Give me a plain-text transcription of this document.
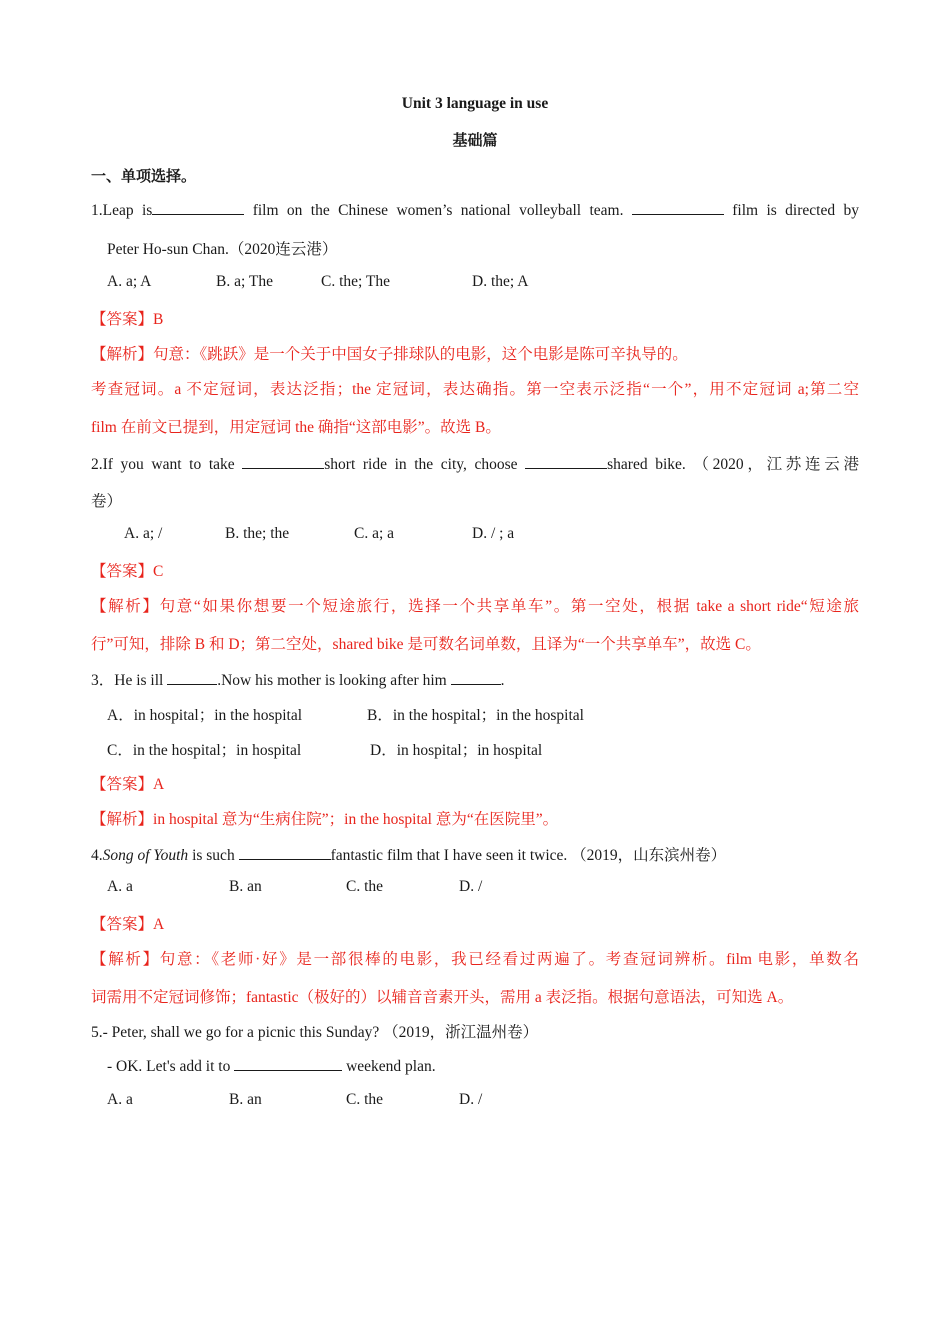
Unit 3 language in use
基础篇
一、单项选择。
1.Leap is	film on the Chinese women’s national volleyball team.	film is directed by
Peter Ho-sun Chan.（2020连云港）
A. a; A	B. a; The	C. the; The	D. the; A
【答案】B
【解析】句意：《跳跃》是一个关于中国女子排球队的电影，这个电影是陈可辛执导的。
考查冠词。a 不定冠词，表达泛指；the 定冠词，表达确指。第一空表示泛指“一个”，用不定冠词 a;第二空
film 在前文已提到，用定冠词 the 确指“这部电影”。故选 B。
2.If you want to take	short ride in the city, choose	shared bike. （2020，江苏连云港
卷）
A. a; /	B. the; the	C. a; a	D. / ; a
【答案】C
【解析】句意“如果你想要一个短途旅行，选择一个共享单车”。第一空处，根据 take a short ride“短途旅
行”可知，排除 B 和 D；第二空处，shared bike 是可数名词单数，且译为“一个共享单车”，故选 C。
3．He is ill	.Now his mother is looking after him	.
A．in hospital；in the hospital	B．in the hospital；in the hospital
C．in the hospital；in hospital	D．in hospital；in hospital
【答案】A
【解析】in hospital 意为“生病住院”；in the hospital 意为“在医院里”。
4.Song of Youth is such	fantastic film that I have seen it twice. （2019，山东滨州卷）
A. a	B. an	C. the	D. /
【答案】A
【解析】句意：《老师·好》是一部很棒的电影，我已经看过两遍了。考查冠词辨析。film 电影，单数名
词需用不定冠词修饰；fantastic（极好的）以辅音音素开头，需用 a 表泛指。根据句意语法，可知选 A。
5.- Peter, shall we go for a picnic this Sunday? （2019，浙江温州卷）
- OK. Let's add it to	weekend plan.
A. a	B. an	C. the	D. /
